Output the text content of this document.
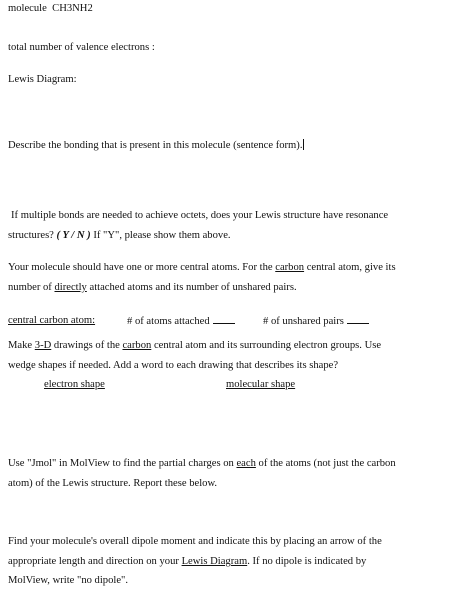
molecule CH3NH2
total number of valence electrons :
Lewis Diagram:
Describe the bonding that is present in this molecule (sentence form).
If multiple bonds are needed to achieve octets, does your Lewis structure have resonance
structures? ( Y / N ) If "Y", please show them above.
Your molecule should have one or more central atoms. For the carbon central atom, give its
number of directly attached atoms and its number of unshared pairs.
central carbon atom:	# of atoms attached	# of unshared pairs
Make 3-D drawings of the carbon central atom and its surrounding electron groups. Use
wedge shapes if needed. Add a word to each drawing that describes its shape?
electron shape	molecular shape
Use "Jmol" in MolView to find the partial charges on each of the atoms (not just the carbon
atom) of the Lewis structure. Report these below.
Find your molecule's overall dipole moment and indicate this by placing an arrow of the
appropriate length and direction on your Lewis Diagram. If no dipole is indicated by
MolView, write "no dipole".
